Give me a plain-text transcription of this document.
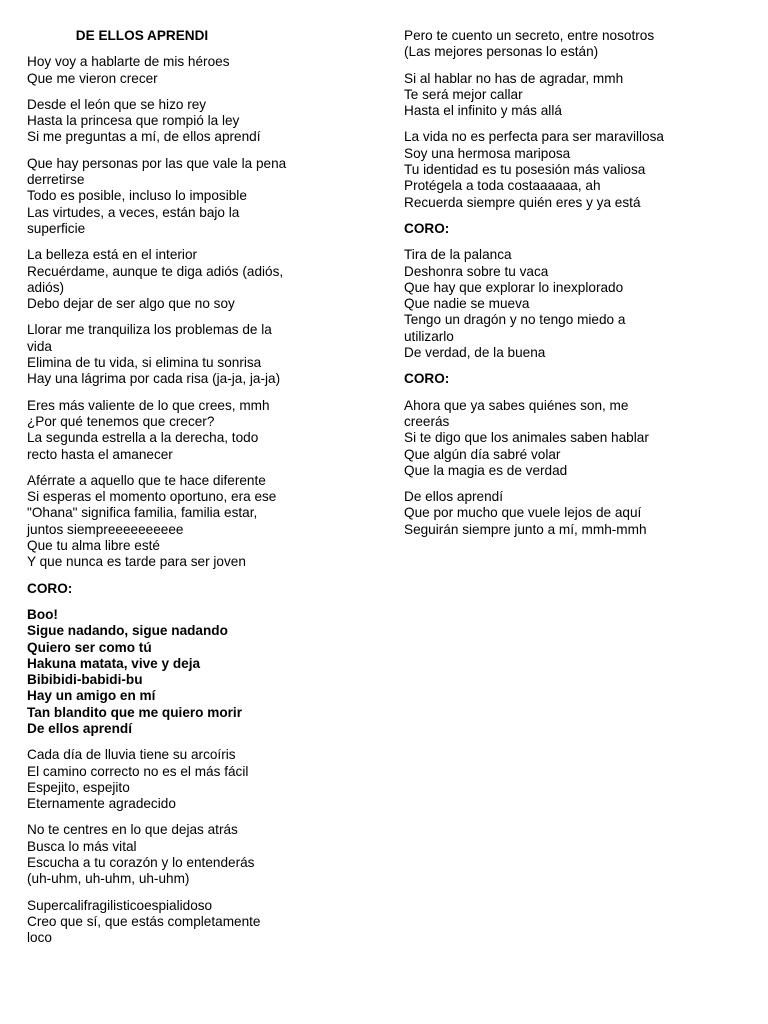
DE ELLOS APRENDI
Hoy voy a hablarte de mis héroes
Que me vieron crecer
Desde el león que se hizo rey
Hasta la princesa que rompió la ley
Si me preguntas a mí, de ellos aprendí
Que hay personas por las que vale la pena derretirse
Todo es posible, incluso lo imposible
Las virtudes, a veces, están bajo la superficie
La belleza está en el interior
Recuérdame, aunque te diga adiós (adiós, adiós)
Debo dejar de ser algo que no soy
Llorar me tranquiliza los problemas de la vida
Elimina de tu vida, si elimina tu sonrisa
Hay una lágrima por cada risa (ja-ja, ja-ja)
Eres más valiente de lo que crees, mmh
¿Por qué tenemos que crecer?
La segunda estrella a la derecha, todo recto hasta el amanecer
Aférrate a aquello que te hace diferente
Si esperas el momento oportuno, era ese
"Ohana" significa familia, familia estar, juntos siempreeeeeeeeee
Que tu alma libre esté
Y que nunca es tarde para ser joven
CORO:
Boo!
Sigue nadando, sigue nadando
Quiero ser como tú
Hakuna matata, vive y deja
Bibibidi-babidi-bu
Hay un amigo en mí
Tan blandito que me quiero morir
De ellos aprendí
Cada día de lluvia tiene su arcoíris
El camino correcto no es el más fácil
Espejito, espejito
Eternamente agradecido
No te centres en lo que dejas atrás
Busca lo más vital
Escucha a tu corazón y lo entenderás
(uh-uhm, uh-uhm, uh-uhm)
Supercalifragilisticoespialidoso
Creo que sí, que estás completamente loco
Pero te cuento un secreto, entre nosotros
(Las mejores personas lo están)
Si al hablar no has de agradar, mmh
Te será mejor callar
Hasta el infinito y más allá
La vida no es perfecta para ser maravillosa
Soy una hermosa mariposa
Tu identidad es tu posesión más valiosa
Protégela a toda costaaaaaa, ah
Recuerda siempre quién eres y ya está
CORO:
Tira de la palanca
Deshonra sobre tu vaca
Que hay que explorar lo inexplorado
Que nadie se mueva
Tengo un dragón y no tengo miedo a utilizarlo
De verdad, de la buena
CORO:
Ahora que ya sabes quiénes son, me creerás
Si te digo que los animales saben hablar
Que algún día sabré volar
Que la magia es de verdad
De ellos aprendí
Que por mucho que vuele lejos de aquí
Seguirán siempre junto a mí, mmh-mmh
